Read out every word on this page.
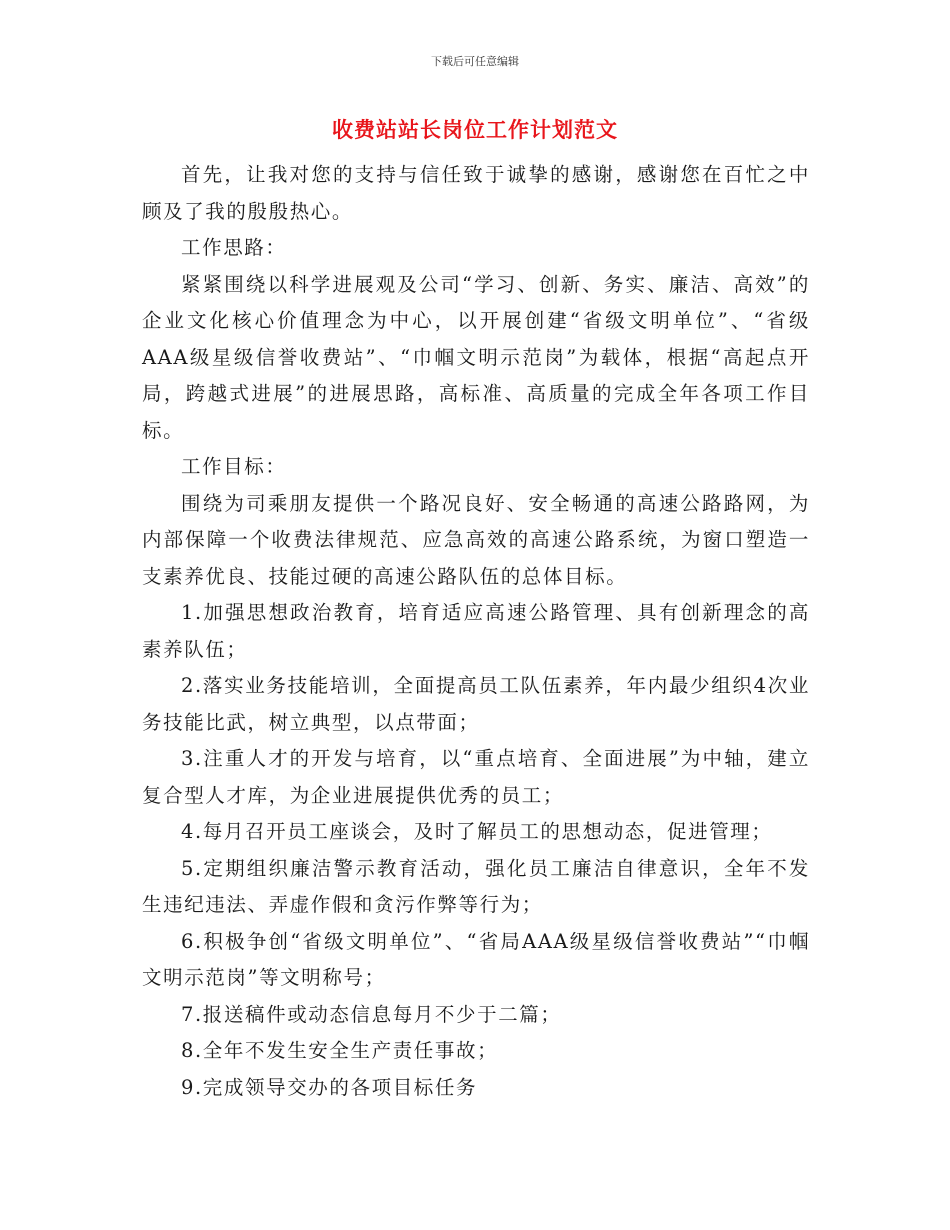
下载后可任意编辑
收费站站长岗位工作计划范文

首先，让我对您的支持与信任致于诚挚的感谢，感谢您在百忙之中顾及了我的殷殷热心。

工作思路：

紧紧围绕以科学进展观及公司“学习、创新、务实、廉洁、高效”的企业文化核心价值理念为中心，以开展创建“省级文明单位”、“省级AAA级星级信誉收费站”、“巾帼文明示范岗”为载体，根据“高起点开局，跨越式进展”的进展思路，高标准、高质量的完成全年各项工作目标。

工作目标：

围绕为司乘朋友提供一个路况良好、安全畅通的高速公路路网，为内部保障一个收费法律规范、应急高效的高速公路系统，为窗口塑造一支素养优良、技能过硬的高速公路队伍的总体目标。

1.加强思想政治教育，培育适应高速公路管理、具有创新理念的高素养队伍；

2.落实业务技能培训，全面提高员工队伍素养，年内最少组织4次业务技能比武，树立典型，以点带面；

3.注重人才的开发与培育，以“重点培育、全面进展”为中轴，建立复合型人才库，为企业进展提供优秀的员工；

4.每月召开员工座谈会，及时了解员工的思想动态，促进管理；

5.定期组织廉洁警示教育活动，强化员工廉洁自律意识，全年不发生违纪违法、弄虚作假和贪污作弊等行为；

6.积极争创“省级文明单位”、“省局AAA级星级信誉收费站”“巾帼文明示范岗”等文明称号；

7.报送稿件或动态信息每月不少于二篇；

8.全年不发生安全生产责任事故；

9.完成领导交办的各项目标任务
